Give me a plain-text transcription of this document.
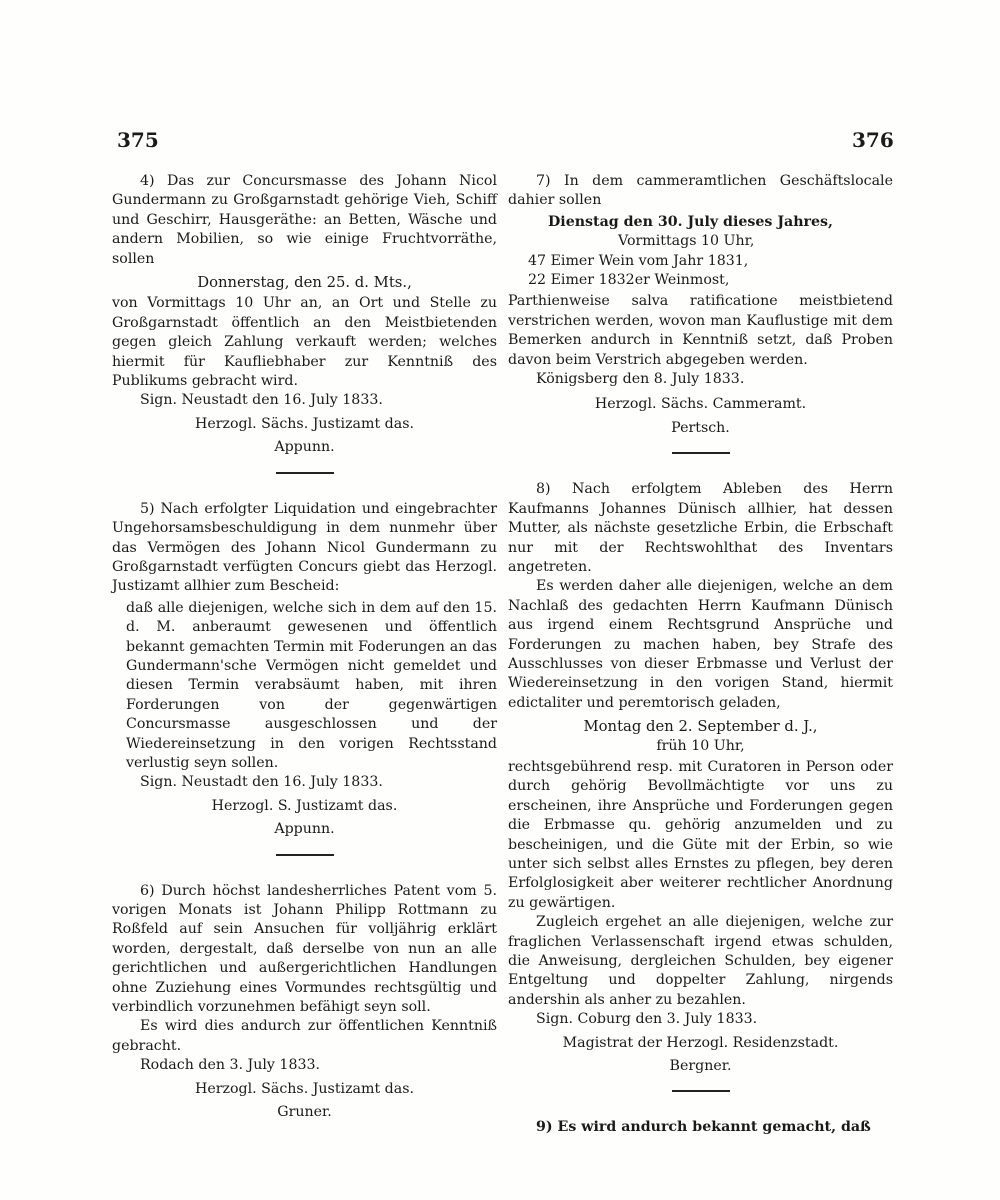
375	376

4) Das zur Concursmasse des Johann Nicol Gundermann zu Großgarnstadt gehörige Vieh, Schiff und Geschirr, Hausgeräthe: an Betten, Wäsche und andern Mobilien, so wie einige Fruchtvorräthe, sollen

Donnerstag, den 25. d. Mts.,

von Vormittags 10 Uhr an, an Ort und Stelle zu Großgarnstadt öffentlich an den Meistbietenden gegen gleich Zahlung verkauft werden; welches hiermit für Kaufliebhaber zur Kenntniß des Publikums gebracht wird.

Sign. Neustadt den 16. July 1833.

Herzogl. Sächs. Justizamt das.

Appunn.

5) Nach erfolgter Liquidation und eingebrachter Ungehorsamsbeschuldigung in dem nunmehr über das Vermögen des Johann Nicol Gundermann zu Großgarnstadt verfügten Concurs giebt das Herzogl. Justizamt allhier zum Bescheid:

daß alle diejenigen, welche sich in dem auf den 15. d. M. anberaumt gewesenen und öffentlich bekannt gemachten Termin mit Foderungen an das Gundermann'sche Vermögen nicht gemeldet und diesen Termin verabsäumt haben, mit ihren Forderungen von der gegenwärtigen Concursmasse ausgeschlossen und der Wiedereinsetzung in den vorigen Rechtsstand verlustig seyn sollen.

Sign. Neustadt den 16. July 1833.

Herzogl. S. Justizamt das.

Appunn.

6) Durch höchst landesherrliches Patent vom 5. vorigen Monats ist Johann Philipp Rottmann zu Roßfeld auf sein Ansuchen für volljährig erklärt worden, dergestalt, daß derselbe von nun an alle gerichtlichen und außergerichtlichen Handlungen ohne Zuziehung eines Vormundes rechtsgültig und verbindlich vorzunehmen befähigt seyn soll.

Es wird dies andurch zur öffentlichen Kenntniß gebracht.

Rodach den 3. July 1833.

Herzogl. Sächs. Justizamt das.

Gruner.

7) In dem cammeramtlichen Geschäftslocale dahier sollen

Dienstag den 30. July dieses Jahres,

Vormittags 10 Uhr,

47 Eimer Wein vom Jahr 1831,

22 Eimer 1832er Weinmost,

Parthienweise salva ratificatione meistbietend verstrichen werden, wovon man Kauflustige mit dem Bemerken andurch in Kenntniß setzt, daß Proben davon beim Verstrich abgegeben werden.

Königsberg den 8. July 1833.

Herzogl. Sächs. Cammeramt.

Pertsch.

8) Nach erfolgtem Ableben des Herrn Kaufmanns Johannes Dünisch allhier, hat dessen Mutter, als nächste gesetzliche Erbin, die Erbschaft nur mit der Rechtswohlthat des Inventars angetreten.

Es werden daher alle diejenigen, welche an dem Nachlaß des gedachten Herrn Kaufmann Dünisch aus irgend einem Rechtsgrund Ansprüche und Forderungen zu machen haben, bey Strafe des Ausschlusses von dieser Erbmasse und Verlust der Wiedereinsetzung in den vorigen Stand, hiermit edictaliter und peremtorisch geladen,

Montag den 2. September d. J.,

früh 10 Uhr,

rechtsgebührend resp. mit Curatoren in Person oder durch gehörig Bevollmächtigte vor uns zu erscheinen, ihre Ansprüche und Forderungen gegen die Erbmasse qu. gehörig anzumelden und zu bescheinigen, und die Güte mit der Erbin, so wie unter sich selbst alles Ernstes zu pflegen, bey deren Erfolglosigkeit aber weiterer rechtlicher Anordnung zu gewärtigen.

Zugleich ergehet an alle diejenigen, welche zur fraglichen Verlassenschaft irgend etwas schulden, die Anweisung, dergleichen Schulden, bey eigener Entgeltung und doppelter Zahlung, nirgends andershin als anher zu bezahlen.

Sign. Coburg den 3. July 1833.

Magistrat der Herzogl. Residenzstadt.

Bergner.

9) Es wird andurch bekannt gemacht, daß
